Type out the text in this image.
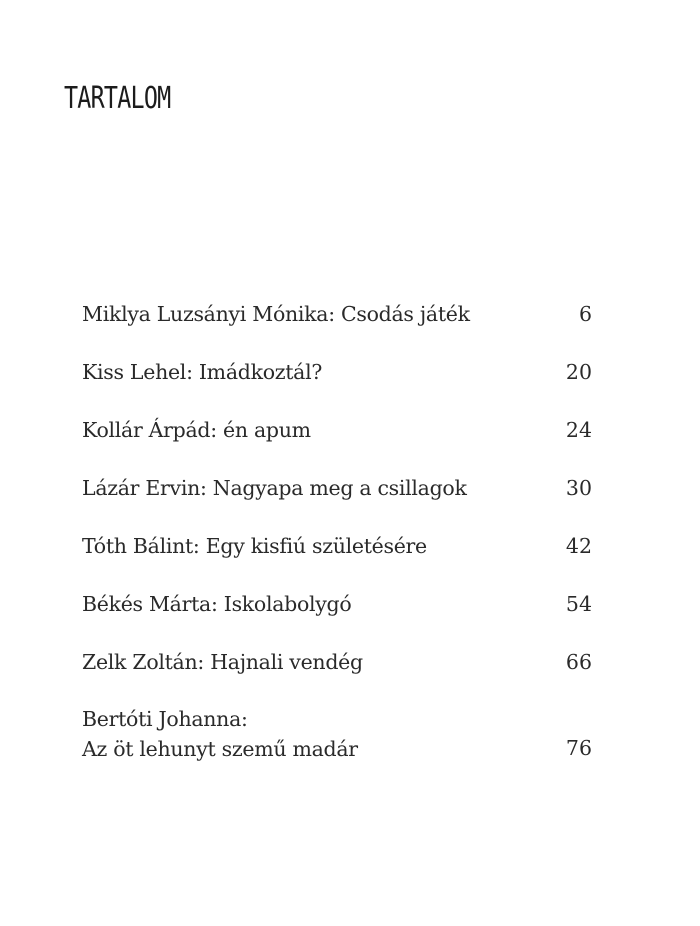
TARTALOM
Miklya Luzsányi Mónika: Csodás játék	6
Kiss Lehel: Imádkoztál?	20
Kollár Árpád: én apum	24
Lázár Ervin: Nagyapa meg a csillagok	30
Tóth Bálint: Egy kisfiú születésére	42
Békés Márta: Iskolabolygó	54
Zelk Zoltán: Hajnali vendég	66
Bertóti Johanna:
Az öt lehunyt szemű madár	76
